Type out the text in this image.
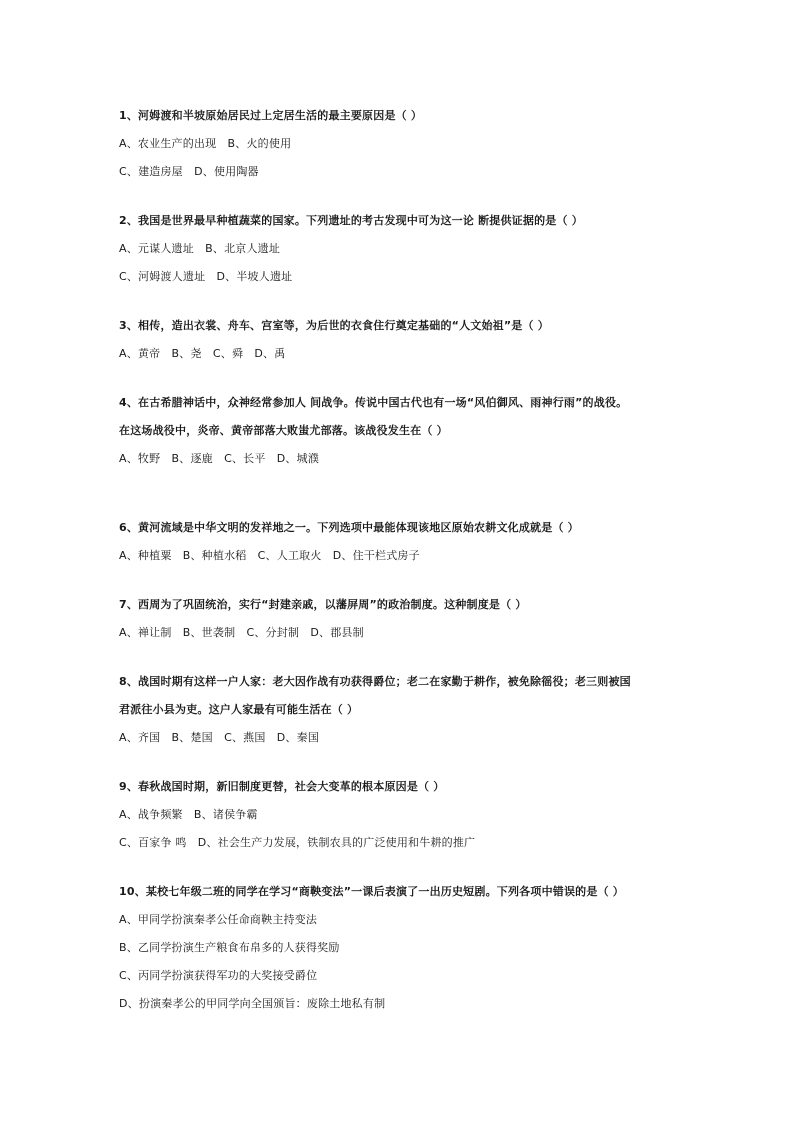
1、河姆渡和半坡原始居民过上定居生活的最主要原因是（ ）
A、农业生产的出现　B、火的使用
C、建造房屋　D、使用陶器
2、我国是世界最早种植蔬菜的国家。下列遗址的考古发现中可为这一论 断提供证据的是（ ）
A、元谋人遗址　B、北京人遗址
C、河姆渡人遗址　D、半坡人遗址
3、相传，造出衣裳、舟车、宫室等，为后世的衣食住行奠定基础的“人文始祖”是（ ）
A、黄帝　B、尧　C、舜　D、禹
4、在古希腊神话中，众神经常参加人 间战争。传说中国古代也有一场“风伯御风、雨神行雨”的战役。
在这场战役中，炎帝、黄帝部落大败蚩尤部落。该战役发生在（ ）
A、牧野　B、逐鹿　C、长平　D、城濮
6、黄河流域是中华文明的发祥地之一。下列选项中最能体现该地区原始农耕文化成就是（ ）
A、种植粟　B、种植水稻　C、人工取火　D、住干栏式房子
7、西周为了巩固统治，实行“封建亲戚，以藩屏周”的政治制度。这种制度是（ ）
A、禅让制　B、世袭制　C、分封制　D、郡县制
8、战国时期有这样一户人家：老大因作战有功获得爵位；老二在家勤于耕作，被免除徭役；老三则被国
君派往小县为吏。这户人家最有可能生活在（ ）
A、齐国　B、楚国　C、燕国　D、秦国
9、春秋战国时期，新旧制度更替，社会大变革的根本原因是（ ）
A、战争频繁　B、诸侯争霸
C、百家争 鸣　D、社会生产力发展，铁制农具的广泛使用和牛耕的推广
10、某校七年级二班的同学在学习“商鞅变法”一课后表演了一出历史短剧。下列各项中错误的是（ ）
A、甲同学扮演秦孝公任命商鞅主持变法
B、乙同学扮演生产粮食布帛多的人获得奖励
C、丙同学扮演获得军功的大奖接受爵位
D、扮演秦孝公的甲同学向全国颁旨：废除土地私有制
